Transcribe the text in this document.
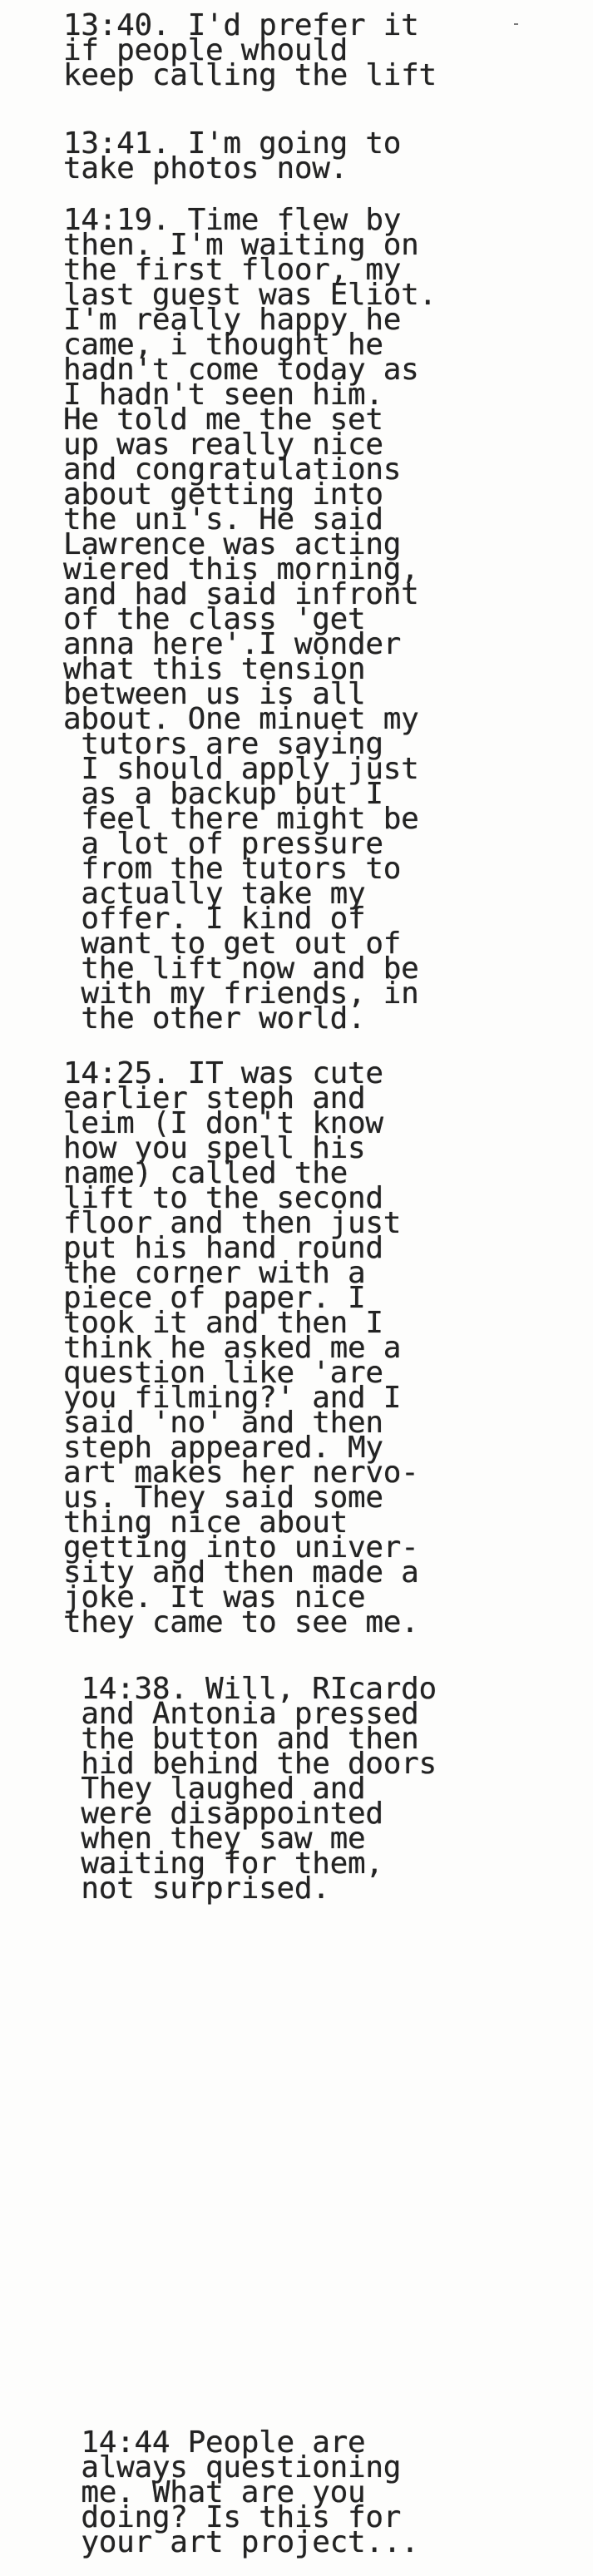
13:40. I'd prefer it
if people whould
keep calling the lift

13:41. I'm going to
take photos now.

14:19. Time flew by
then. I'm waiting on
the first floor, my
last guest was Eliot.
I'm really happy he
came, i thought he
hadn't come today as
I hadn't seen him.
He told me the set
up was really nice
and congratulations
about getting into
the uni's. He said
Lawrence was acting
wiered this morning,
and had said infront
of the class 'get
anna here'.I wonder
what this tension
between us is all
about. One minuet my
tutors are saying
I should apply just
as a backup but I
feel there might be
a lot of pressure
from the tutors to
actually take my
offer. I kind of
want to get out of
the lift now and be
with my friends, in
the other world.

14:25. IT was cute
earlier steph and
leim (I don't know
how you spell his
name) called the
lift to the second
floor and then just
put his hand round
the corner with a
piece of paper. I
took it and then I
think he asked me a
question like 'are
you filming?' and I
said 'no' and then
steph appeared. My
art makes her nervo-
us. They said some
thing nice about
getting into univer-
sity and then made a
joke. It was nice
they came to see me.

14:38. Will, RIcardo
and Antonia pressed
the button and then
hid behind the doors
They laughed and
were disappointed
when they saw me
waiting for them,
not surprised.

14:44 People are
always questioning
me. What are you
doing? Is this for
your art project...
